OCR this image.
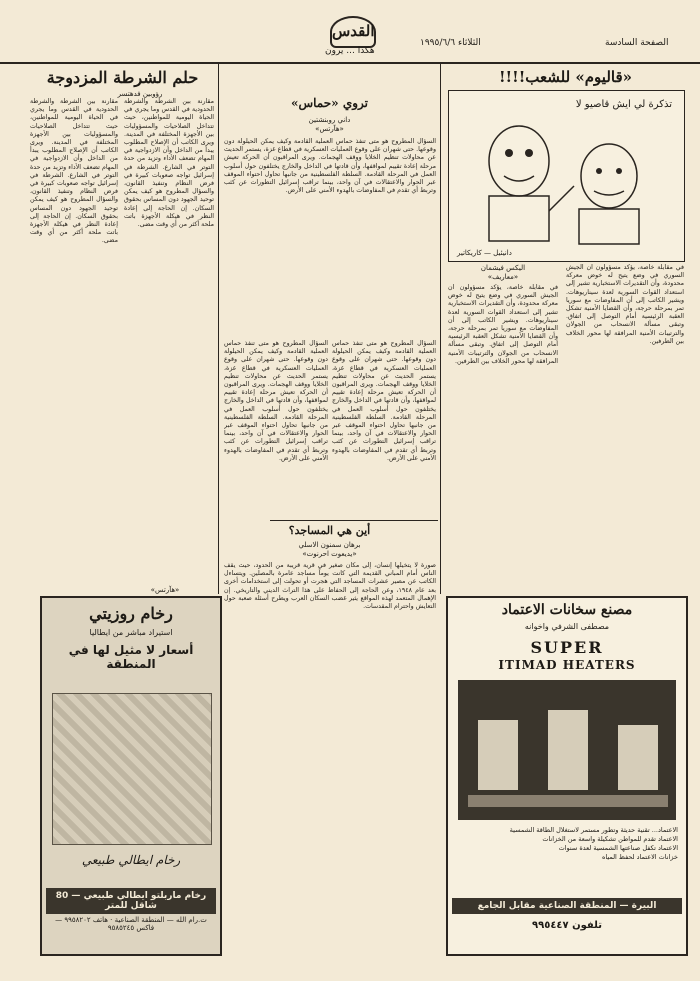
الصفحة السادسة
الثلاثاء ١٩٩٥/٦/٦
القدس
هكذا ... يرون
حلم الشرطة المزدوجة
رؤوبين فدهتسر
مقارنة بين الشرطة والشرطة الحدودية في القدس وما يجري في الحياة اليومية للمواطنين، حيث تتداخل الصلاحيات والمسؤوليات بين الأجهزة المختلفة في المدينة. ويرى الكاتب أن الإصلاح المطلوب يبدأ من الداخل وأن الازدواجية في المهام تضعف الأداء وتزيد من حدة التوتر في الشارع. الشرطة في إسرائيل تواجه صعوبات كبيرة في فرض النظام وتنفيذ القانون، والسؤال المطروح هو كيف يمكن توحيد الجهود دون المساس بحقوق السكان. إن الحاجة إلى إعادة النظر في هيكلة الأجهزة باتت ملحة أكثر من أي وقت مضى.
مقارنة بين الشرطة والشرطة الحدودية في القدس وما يجري في الحياة اليومية للمواطنين، حيث تتداخل الصلاحيات والمسؤوليات بين الأجهزة المختلفة في المدينة. ويرى الكاتب أن الإصلاح المطلوب يبدأ من الداخل وأن الازدواجية في المهام تضعف الأداء وتزيد من حدة التوتر في الشارع. الشرطة في إسرائيل تواجه صعوبات كبيرة في فرض النظام وتنفيذ القانون، والسؤال المطروح هو كيف يمكن توحيد الجهود دون المساس بحقوق السكان. إن الحاجة إلى إعادة النظر في هيكلة الأجهزة باتت ملحة أكثر من أي وقت مضى.
«هآرتس»
تروي «حماس»
داني روبنشتين
«هآرتس»
السؤال المطروح هو متى تنفذ حماس العملية القادمة وكيف يمكن الحيلولة دون وقوعها. حتى شهران على وقوع العمليات العسكرية في قطاع غزة، يستمر الحديث عن محاولات تنظيم الخلايا ووقف الهجمات. ويرى المراقبون أن الحركة تعيش مرحلة إعادة تقييم لمواقفها، وأن قادتها في الداخل والخارج يختلفون حول أسلوب العمل في المرحلة القادمة. السلطة الفلسطينية من جانبها تحاول احتواء الموقف عبر الحوار والاعتقالات في آن واحد، بينما تراقب إسرائيل التطورات عن كثب وتربط أي تقدم في المفاوضات بالهدوء الأمني على الأرض.
السؤال المطروح هو متى تنفذ حماس العملية القادمة وكيف يمكن الحيلولة دون وقوعها. حتى شهران على وقوع العمليات العسكرية في قطاع غزة، يستمر الحديث عن محاولات تنظيم الخلايا ووقف الهجمات. ويرى المراقبون أن الحركة تعيش مرحلة إعادة تقييم لمواقفها، وأن قادتها في الداخل والخارج يختلفون حول أسلوب العمل في المرحلة القادمة. السلطة الفلسطينية من جانبها تحاول احتواء الموقف عبر الحوار والاعتقالات في آن واحد، بينما تراقب إسرائيل التطورات عن كثب وتربط أي تقدم في المفاوضات بالهدوء الأمني على الأرض.
السؤال المطروح هو متى تنفذ حماس العملية القادمة وكيف يمكن الحيلولة دون وقوعها. حتى شهران على وقوع العمليات العسكرية في قطاع غزة، يستمر الحديث عن محاولات تنظيم الخلايا ووقف الهجمات. ويرى المراقبون أن الحركة تعيش مرحلة إعادة تقييم لمواقفها، وأن قادتها في الداخل والخارج يختلفون حول أسلوب العمل في المرحلة القادمة. السلطة الفلسطينية من جانبها تحاول احتواء الموقف عبر الحوار والاعتقالات في آن واحد، بينما تراقب إسرائيل التطورات عن كثب وتربط أي تقدم في المفاوضات بالهدوء الأمني على الأرض.
أين هي المساجد؟
برهان سمنون الاسلي
«يديعوت احرنوت»
صورة لا يتخيلها إنسان، إلى مكان صغير في قرية قريبة من الحدود، حيث يقف الناس أمام المباني القديمة التي كانت يوماً مساجد عامرة بالمصلين. ويتساءل الكاتب عن مصير عشرات المساجد التي هجرت أو تحولت إلى استخدامات أخرى بعد عام ١٩٤٨، وعن الحاجة إلى الحفاظ على هذا التراث الديني والتاريخي. إن الإهمال المتعمد لهذه المواقع يثير غضب السكان العرب ويطرح أسئلة صعبة حول التعايش واحترام المقدسات.
«قاليوم» للشعب!!!!
تذكرة لي ايش قاصيو لا
دانيئيل — كاريكاتير
اليكس فيشمان
«معاريف»
في مقابلة خاصة، يؤكد مسؤولون أن الجيش السوري في وضع يتيح له خوض معركة محدودة، وأن التقديرات الاستخبارية تشير إلى استعداد القوات السورية لعدة سيناريوهات. ويشير الكاتب إلى أن المفاوضات مع سوريا تمر بمرحلة حرجة، وأن القضايا الأمنية تشكل العقبة الرئيسية أمام التوصل إلى اتفاق. وتبقى مسألة الانسحاب من الجولان والترتيبات الأمنية المرافقة لها محور الخلاف بين الطرفين.
في مقابلة خاصة، يؤكد مسؤولون أن الجيش السوري في وضع يتيح له خوض معركة محدودة، وأن التقديرات الاستخبارية تشير إلى استعداد القوات السورية لعدة سيناريوهات. ويشير الكاتب إلى أن المفاوضات مع سوريا تمر بمرحلة حرجة، وأن القضايا الأمنية تشكل العقبة الرئيسية أمام التوصل إلى اتفاق. وتبقى مسألة الانسحاب من الجولان والترتيبات الأمنية المرافقة لها محور الخلاف بين الطرفين.
رخام روزيتي
استيراد مباشر من ايطاليا
أسعار لا مثيل لها في المنطقة
رخام ايطالي طبيعي
رخام ماربلتو ايطالي طبيعي — 80 شاقل للمتر
ت.رام الله — المنطقة الصناعية · هاتف ٩٩٥٨٢٠٢ — فاكس ٩٥٨٥٢٤٥
مصنع سخانات الاعتماد
مصطفى الشرفي واخوانه
SUPER
ITIMAD HEATERS
الاعتماد... تقنية حديثة وتطور مستمر لاستغلال الطاقة الشمسية
الاعتماد تقدم للمواطن تشكيلة واسعة من الخزانات
الاعتماد تكفل صناعتها الشمسية لعدة سنوات
خزانات الاعتماد لحفظ المياه
البيرة — المنطقة الصناعية مقابل الجامع
تلفون ٩٩٥٤٤٧
